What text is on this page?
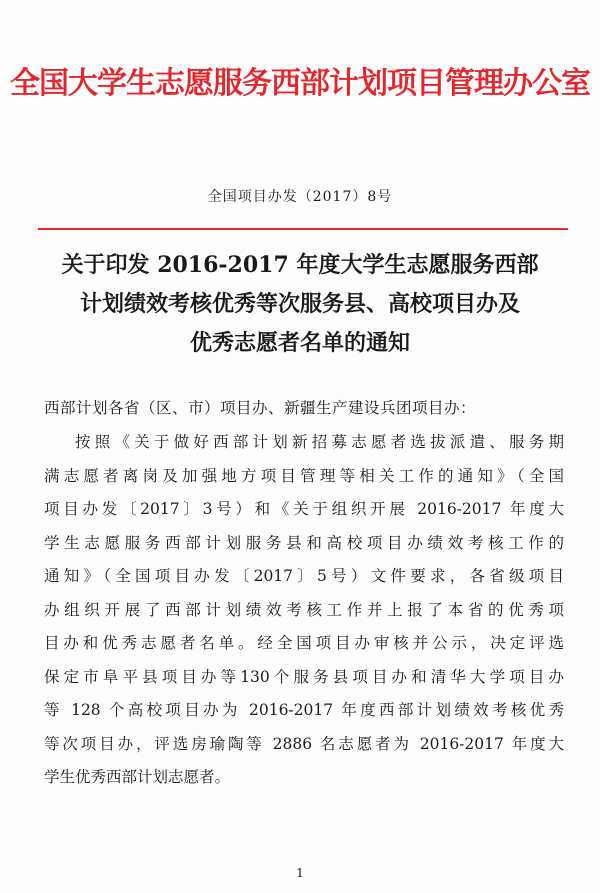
全国大学生志愿服务西部计划项目管理办公室
全国项目办发（2017）8号
关于印发 2016-2017 年度大学生志愿服务西部
计划绩效考核优秀等次服务县、高校项目办及
优秀志愿者名单的通知
西部计划各省（区、市）项目办、新疆生产建设兵团项目办：
按照《关于做好西部计划新招募志愿者选拔派遣、服务期
满志愿者离岗及加强地方项目管理等相关工作的通知》（全国
项目办发〔2017〕3号）和《关于组织开展 2016-2017 年度大
学生志愿服务西部计划服务县和高校项目办绩效考核工作的
通知》（全国项目办发〔2017〕5号）文件要求，各省级项目
办组织开展了西部计划绩效考核工作并上报了本省的优秀项
目办和优秀志愿者名单。经全国项目办审核并公示，决定评选
保定市阜平县项目办等130个服务县项目办和清华大学项目办
等 128 个高校项目办为 2016-2017 年度西部计划绩效考核优秀
等次项目办，评选房瑜陶等 2886 名志愿者为 2016-2017 年度大
学生优秀西部计划志愿者。
1
